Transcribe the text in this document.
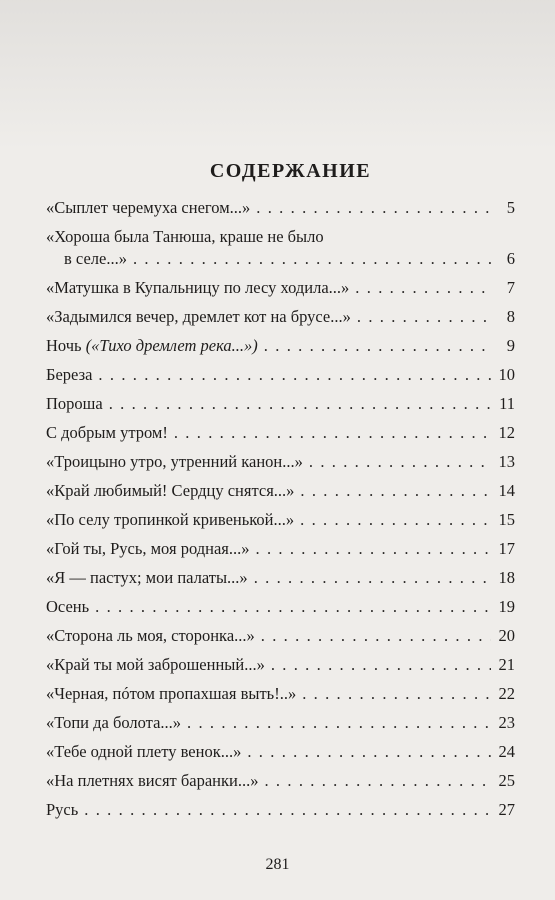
СОДЕРЖАНИЕ
«Сыплет черемуха снегом...» . . .	5
«Хороша была Танюша, краше не было
в селе...» . . .	6
«Матушка в Купальницу по лесу ходила...» . . .	7
«Задымился вечер, дремлет кот на брусе...» . . .	8
Ночь («Тихо дремлет река...») . . .	9
Береза . . .	10
Пороша . . .	11
С добрым утром! . . .	12
«Троицыно утро, утренний канон...» . . .	13
«Край любимый! Сердцу снятся...» . . .	14
«По селу тропинкой кривенькой...» . . .	15
«Гой ты, Русь, моя родная...» . . .	17
«Я — пастух; мои палаты...» . . .	18
Осень . . .	19
«Сторона ль моя, сторонка...» . . .	20
«Край ты мой заброшенный...» . . .	21
«Черная, пóтом пропахшая выть!..» . . .	22
«Топи да болота...» . . .	23
«Тебе одной плету венок...» . . .	24
«На плетнях висят баранки...» . . .	25
Русь . . .	27
281
